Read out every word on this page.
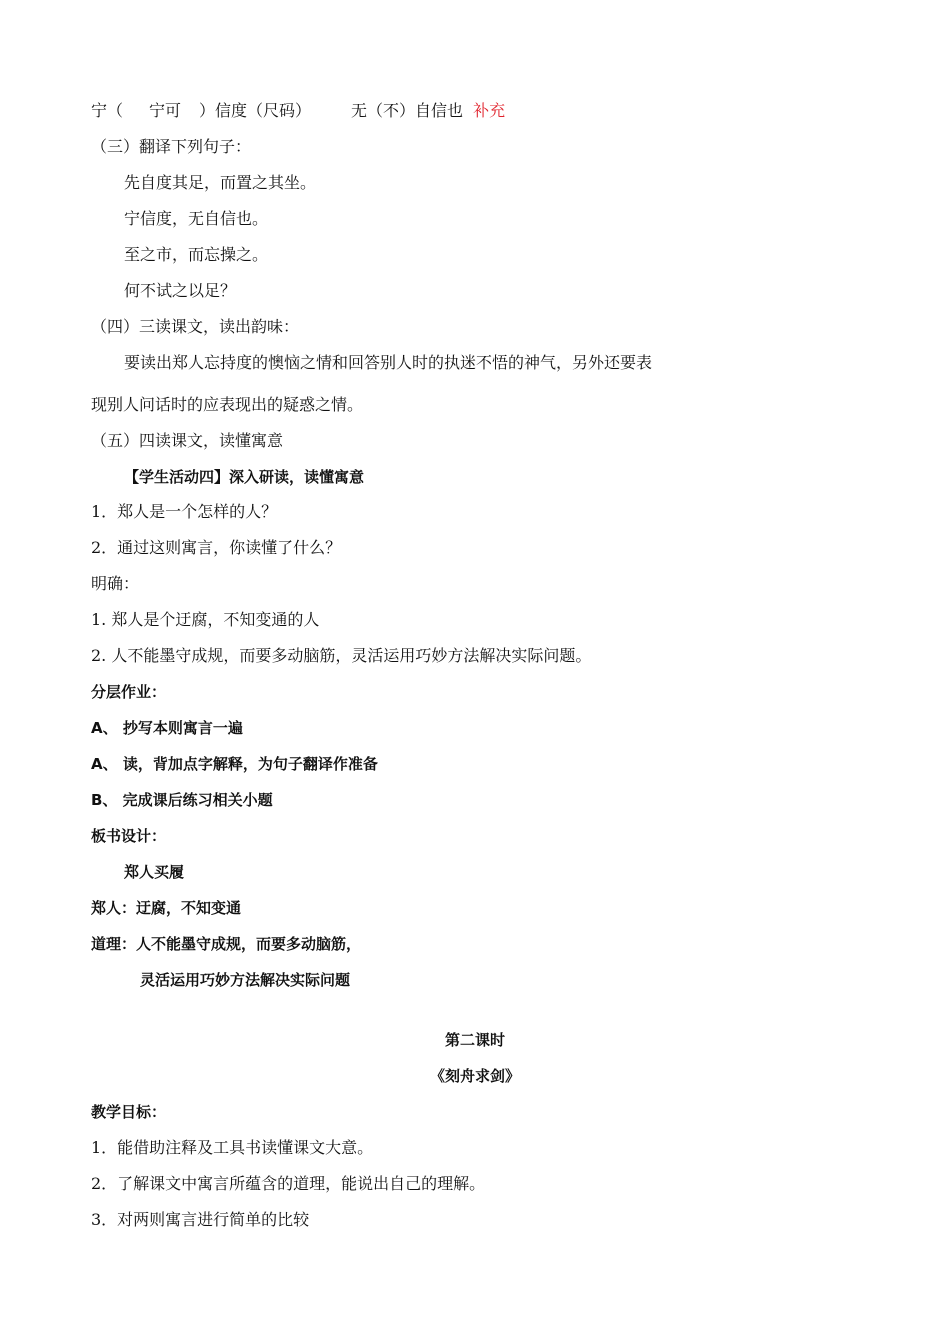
宁（ 宁可 ）信度（尺码）	无（不）自信也 补充
（三）翻译下列句子：
先自度其足，而置之其坐。
宁信度，无自信也。
至之市，而忘操之。
何不试之以足？
（四）三读课文，读出韵味：
要读出郑人忘持度的懊恼之情和回答别人时的执迷不悟的神气，另外还要表
现别人问话时的应表现出的疑惑之情。
（五）四读课文，读懂寓意
【学生活动四】深入研读，读懂寓意
1．郑人是一个怎样的人？
2．通过这则寓言，你读懂了什么？
明确：
1. 郑人是个迂腐，不知变通的人
2. 人不能墨守成规，而要多动脑筋，灵活运用巧妙方法解决实际问题。
分层作业：
A、 抄写本则寓言一遍
A、 读，背加点字解释，为句子翻译作准备
B、 完成课后练习相关小题
板书设计：
郑人买履
郑人：迂腐，不知变通
道理：人不能墨守成规，而要多动脑筋，
灵活运用巧妙方法解决实际问题
第二课时
《刻舟求剑》
教学目标：
1．能借助注释及工具书读懂课文大意。
2．了解课文中寓言所蕴含的道理，能说出自己的理解。
3．对两则寓言进行简单的比较
